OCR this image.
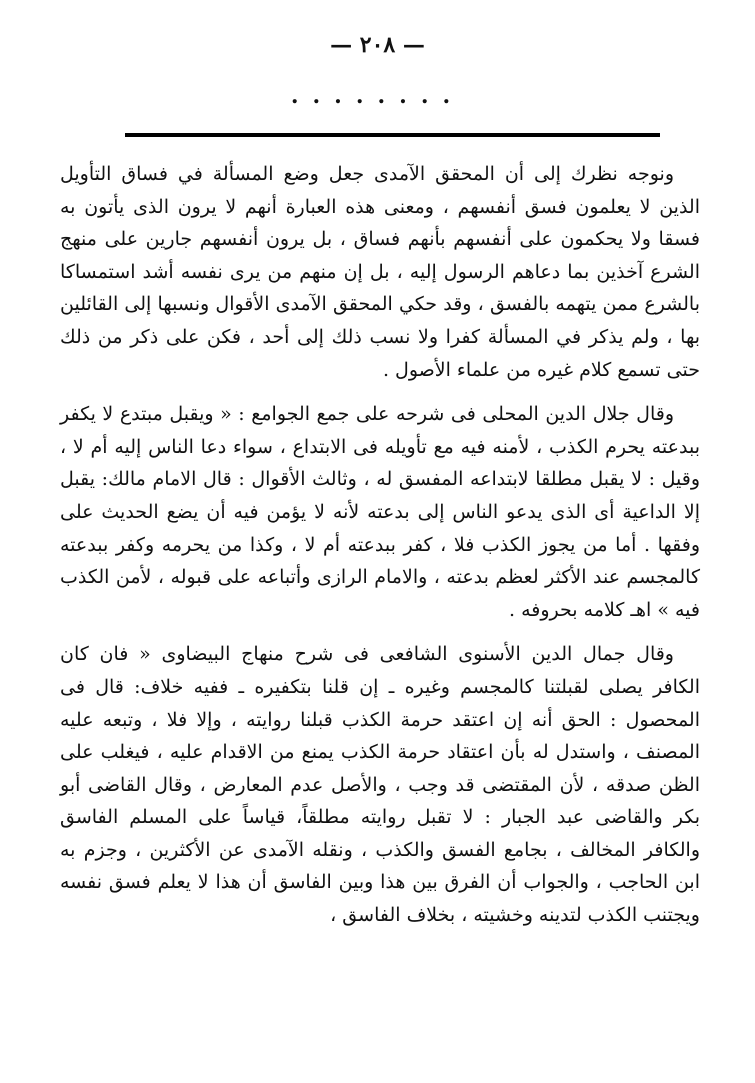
— ٢٠٨ —
........

ونوجه نظرك إلى أن المحقق الآمدى جعل وضع المسألة في فساق التأويل الذين لا يعلمون فسق أنفسهم ، ومعنى هذه العبارة أنهم لا يرون الذى يأتون به فسقا ولا يحكمون على أنفسهم بأنهم فساق ، بل يرون أنفسهم جارين على منهج الشرع آخذين بما دعاهم الرسول إليه ، بل إن منهم من يرى نفسه أشد استمساكا بالشرع ممن يتهمه بالفسق ، وقد حكي المحقق الآمدى الأقوال ونسبها إلى القائلين بها ، ولم يذكر في المسألة كفرا ولا نسب ذلك إلى أحد ، فكن على ذكر من ذلك حتى تسمع كلام غيره من علماء الأصول .

وقال جلال الدين المحلى فى شرحه على جمع الجوامع : « ويقبل مبتدع لا يكفر ببدعته يحرم الكذب ، لأمنه فيه مع تأويله فى الابتداع ، سواء دعا الناس إليه أم لا ، وقيل : لا يقبل مطلقا لابتداعه المفسق له ، وثالث الأقوال : قال الامام مالك: يقبل إلا الداعية أى الذى يدعو الناس إلى بدعته لأنه لا يؤمن فيه أن يضع الحديث على وفقها . أما من يجوز الكذب فلا ، كفر ببدعته أم لا ، وكذا من يحرمه وكفر ببدعته كالمجسم عند الأكثر لعظم بدعته ، والامام الرازى وأتباعه على قبوله ، لأمن الكذب فيه » اهـ كلامه بحروفه .

وقال جمال الدين الأسنوى الشافعى فى شرح منهاج البيضاوى « فان كان الكافر يصلى لقبلتنا كالمجسم وغيره ـ إن قلنا بتكفيره ـ ففيه خلاف: قال فى المحصول : الحق أنه إن اعتقد حرمة الكذب قبلنا روايته ، وإلا فلا ، وتبعه عليه المصنف ، واستدل له بأن اعتقاد حرمة الكذب يمنع من الاقدام عليه ، فيغلب على الظن صدقه ، لأن المقتضى قد وجب ، والأصل عدم المعارض ، وقال القاضى أبو بكر والقاضى عبد الجبار : لا تقبل روايته مطلقاً، قياساً على المسلم الفاسق والكافر المخالف ، بجامع الفسق والكذب ، ونقله الآمدى عن الأكثرين ، وجزم به ابن الحاجب ، والجواب أن الفرق بين هذا وبين الفاسق أن هذا لا يعلم فسق نفسه ويجتنب الكذب لتدينه وخشيته ، بخلاف الفاسق ،
